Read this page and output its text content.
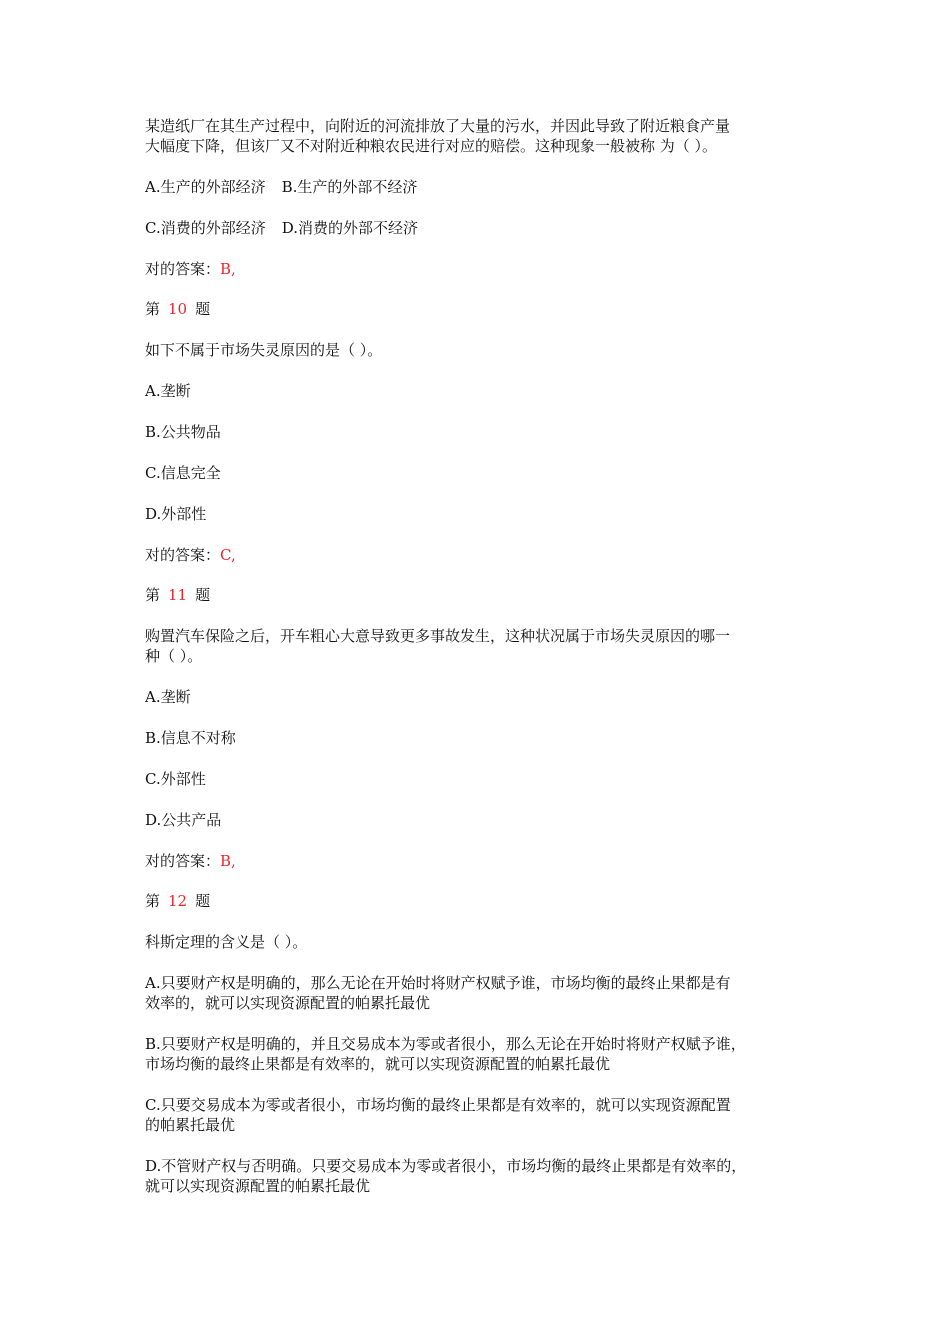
某造纸厂在其生产过程中，向附近的河流排放了大量的污水，并因此导致了附近粮食产量
大幅度下降，但该厂又不对附近种粮农民进行对应的赔偿。这种现象一般被称 为（ ）。
A.生产的外部经济 B.生产的外部不经济
C.消费的外部经济 D.消费的外部不经济
对的答案：B,
第 10 题
如下不属于市场失灵原因的是（ ）。
A.垄断
B.公共物品
C.信息完全
D.外部性
对的答案：C,
第 11 题
购置汽车保险之后，开车粗心大意导致更多事故发生，这种状况属于市场失灵原因的哪一
种（ ）。
A.垄断
B.信息不对称
C.外部性
D.公共产品
对的答案：B,
第 12 题
科斯定理的含义是（ ）。
A.只要财产权是明确的，那么无论在开始时将财产权赋予谁，市场均衡的最终止果都是有
效率的，就可以实现资源配置的帕累托最优
B.只要财产权是明确的，并且交易成本为零或者很小，那么无论在开始时将财产权赋予谁，
市场均衡的最终止果都是有效率的，就可以实现资源配置的帕累托最优
C.只要交易成本为零或者很小，市场均衡的最终止果都是有效率的，就可以实现资源配置
的帕累托最优
D.不管财产权与否明确。只要交易成本为零或者很小，市场均衡的最终止果都是有效率的，
就可以实现资源配置的帕累托最优
